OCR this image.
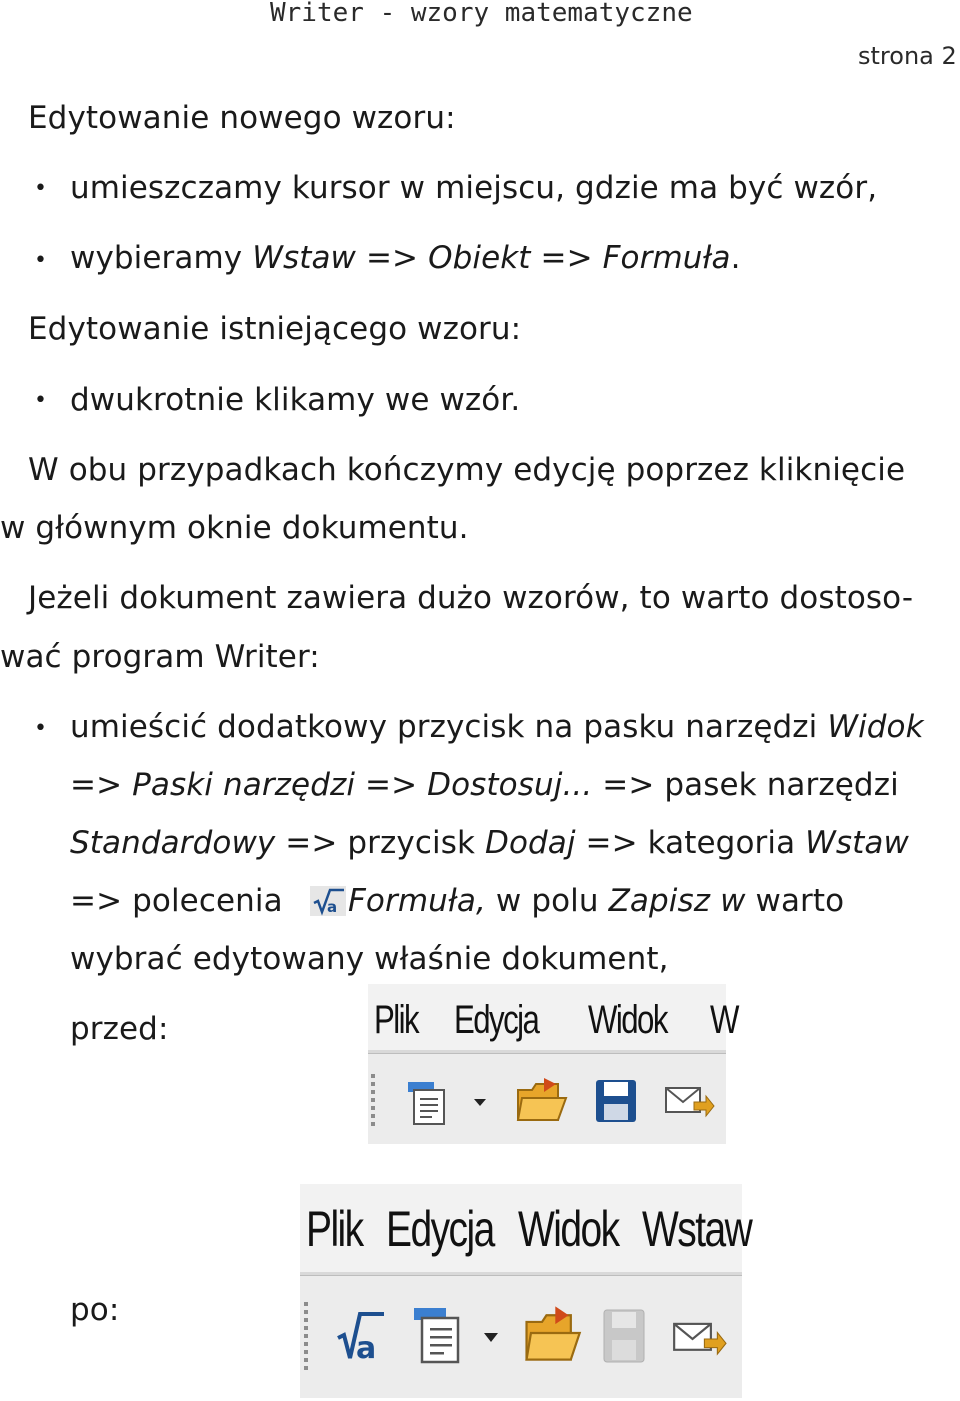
Writer - wzory matematyczne
strona 2
Edytowanie nowego wzoru:
• umieszczamy kursor w miejscu, gdzie ma być wzór,
• wybieramy Wstaw => Obiekt => Formuła.
Edytowanie istniejącego wzoru:
• dwukrotnie klikamy we wzór.
W obu przypadkach kończymy edycję poprzez kliknięcie
w głównym oknie dokumentu.
Jeżeli dokument zawiera dużo wzorów, to warto dostoso-
wać program Writer:
• umieścić dodatkowy przycisk na pasku narzędzi Widok
=> Paski narzędzi => Dostosuj... => pasek narzędzi
Standardowy => przycisk Dodaj => kategoria Wstaw
=> polecenia	a Formuła, w polu Zapisz w warto
wybrać edytowany właśnie dokument,
przed:	Plik Edycja Widok W
po:
Plik Edycja Widok Wstaw
a
